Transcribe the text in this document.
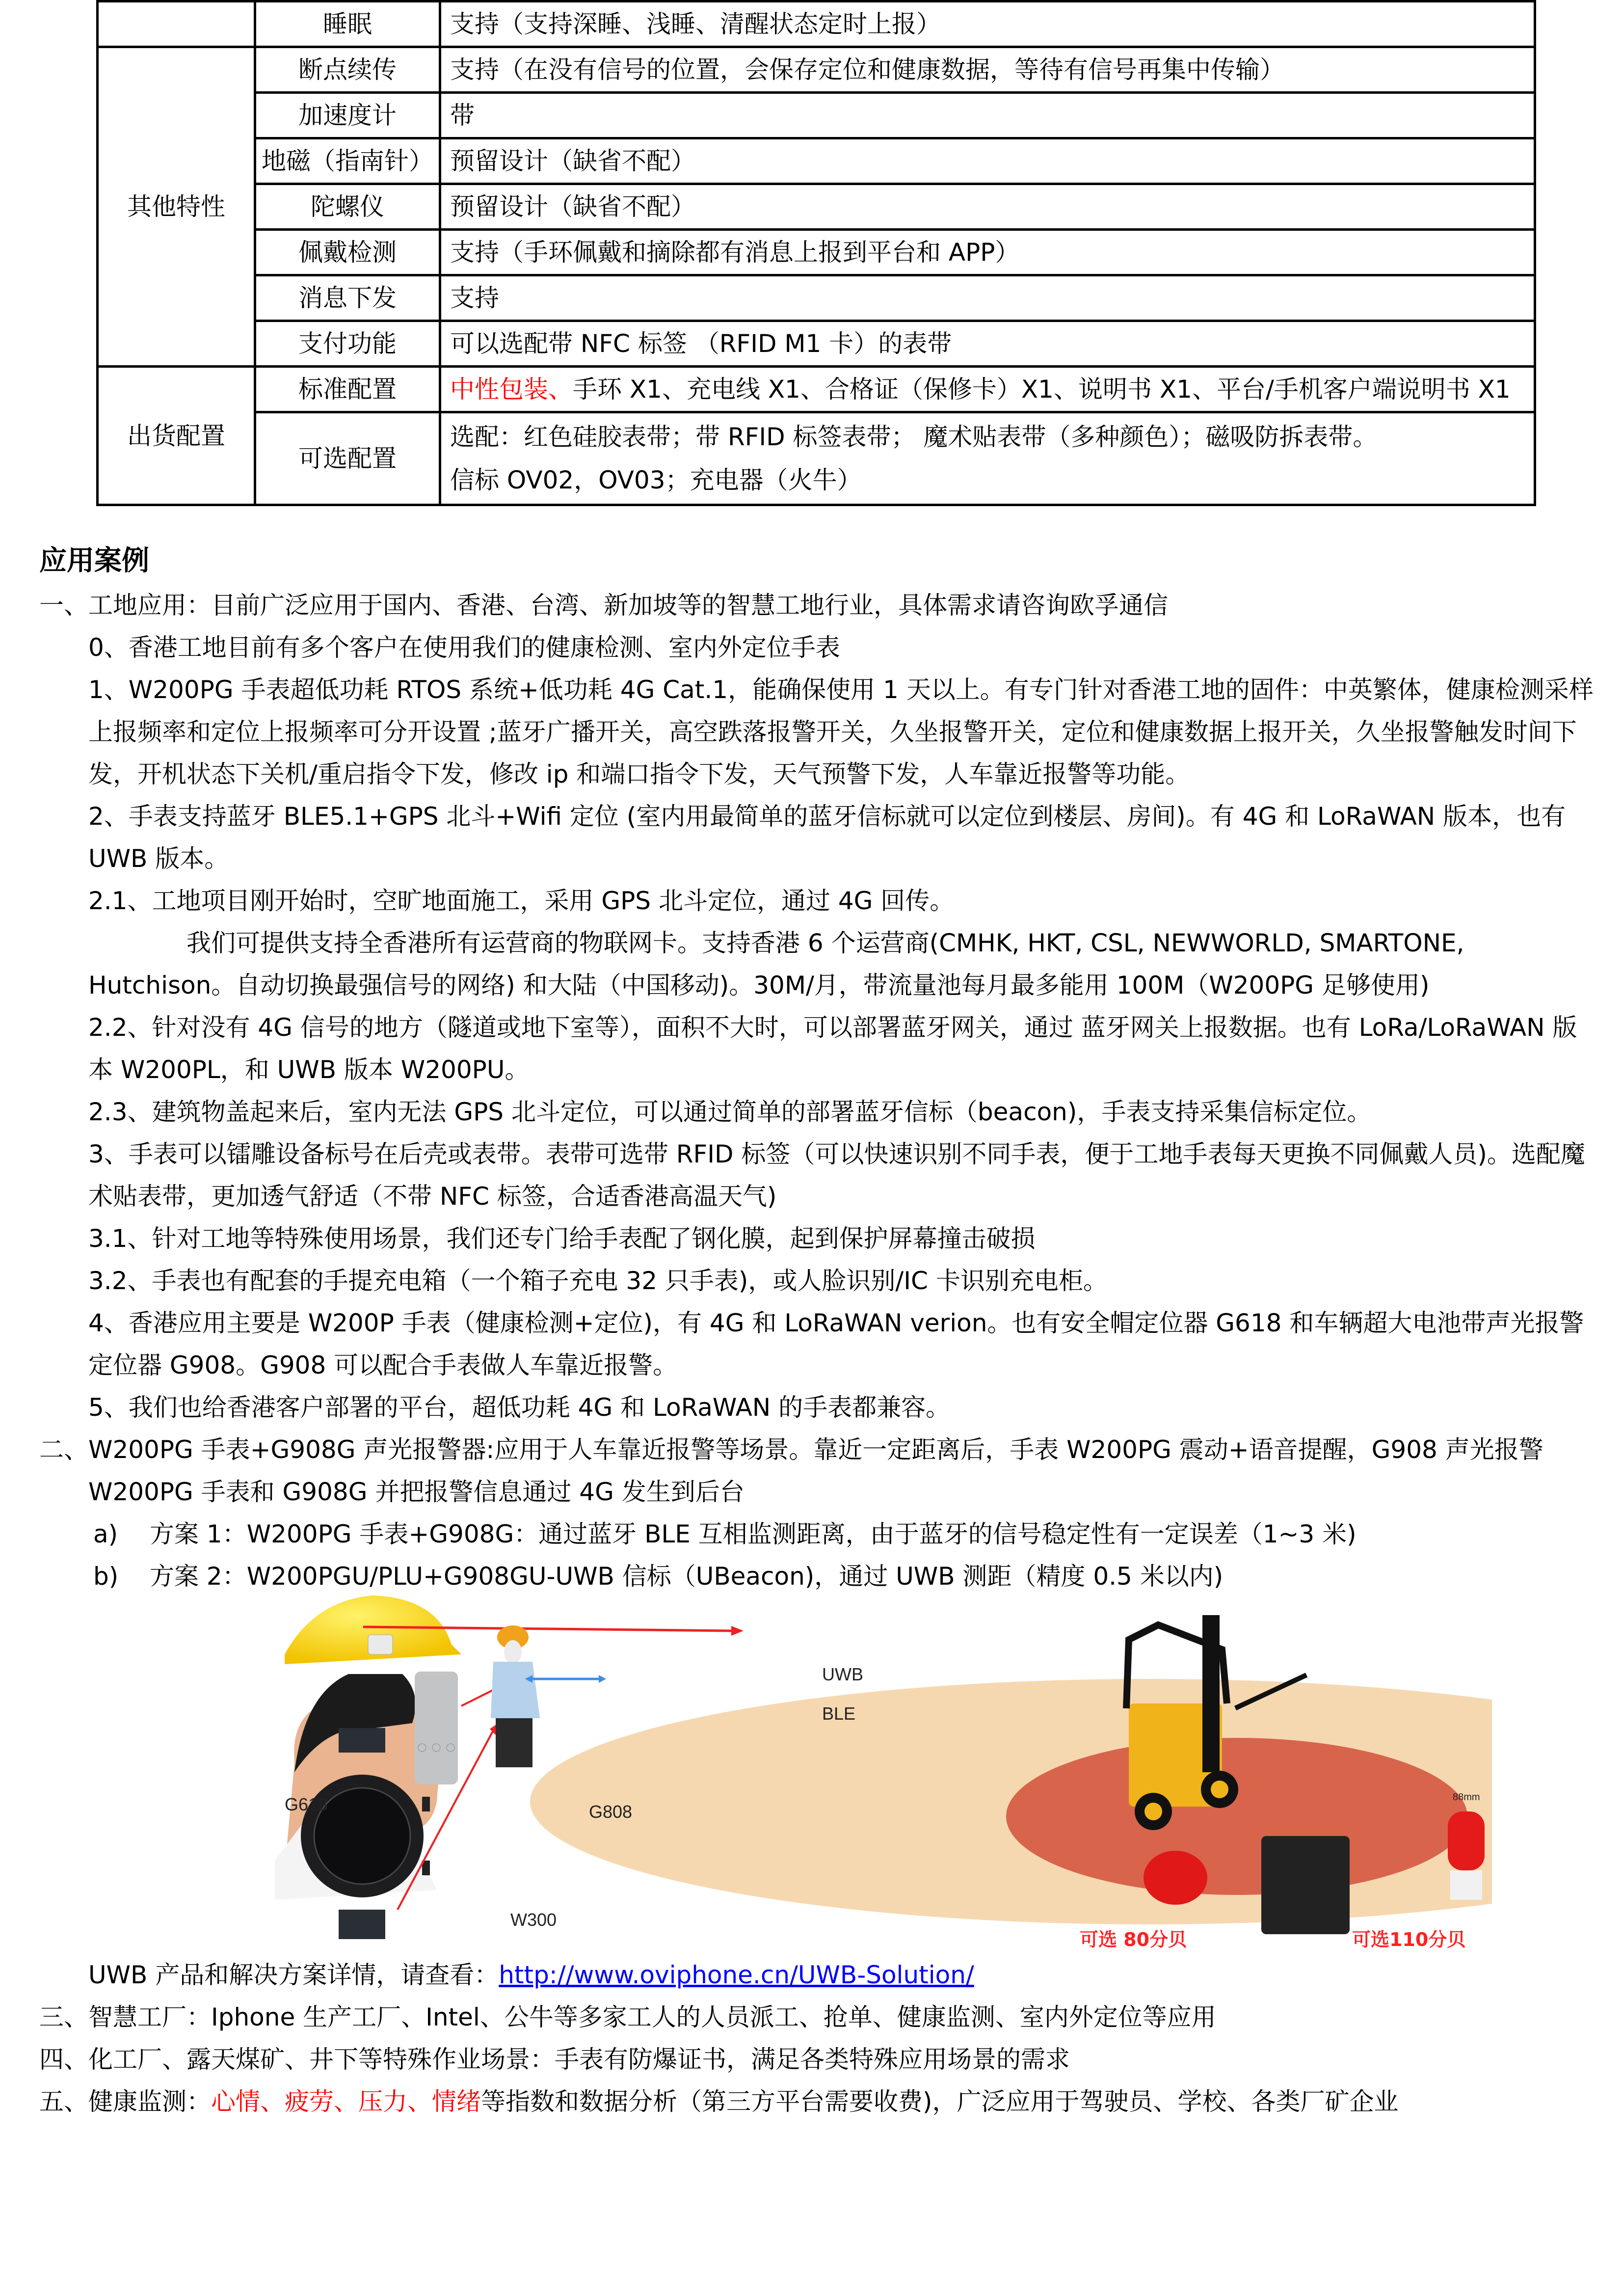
	睡眠	支持（支持深睡、浅睡、清醒状态定时上报）
其他特性	断点续传	支持（在没有信号的位置，会保存定位和健康数据，等待有信号再集中传输）
	加速度计	带
	地磁（指南针）	预留设计（缺省不配）
	陀螺仪	预留设计（缺省不配）
	佩戴检测	支持（手环佩戴和摘除都有消息上报到平台和 APP）
	消息下发	支持
	支付功能	可以选配带 NFC 标签 （RFID M1 卡）的表带
出货配置	标准配置	中性包装、手环 X1、充电线 X1、合格证（保修卡）X1、说明书 X1、平台/手机客户端说明书 X1
	可选配置	选配：红色硅胶表带；带 RFID 标签表带； 魔术贴表带（多种颜色）；磁吸防拆表带。
信标 OV02，OV03；充电器（火牛）
应用案例

一、工地应用：目前广泛应用于国内、香港、台湾、新加坡等的智慧工地行业，具体需求请咨询欧孚通信

0、香港工地目前有多个客户在使用我们的健康检测、室内外定位手表

1、W200PG 手表超低功耗 RTOS 系统+低功耗 4G Cat.1，能确保使用 1 天以上。有专门针对香港工地的固件：中英繁体，健康检测采样上报频率和定位上报频率可分开设置 ;蓝牙广播开关，高空跌落报警开关，久坐报警开关，定位和健康数据上报开关，久坐报警触发时间下发，开机状态下关机/重启指令下发，修改 ip 和端口指令下发，天气预警下发，人车靠近报警等功能。

2、手表支持蓝牙 BLE5.1+GPS 北斗+Wifi 定位 (室内用最简单的蓝牙信标就可以定位到楼层、房间)。有 4G 和 LoRaWAN 版本，也有 UWB 版本。

2.1、工地项目刚开始时，空旷地面施工，采用 GPS 北斗定位，通过 4G 回传。

我们可提供支持全香港所有运营商的物联网卡。支持香港 6 个运营商(CMHK, HKT, CSL, NEWWORLD, SMARTONE, Hutchison。自动切换最强信号的网络) 和大陆（中国移动)。30M/月，带流量池每月最多能用 100M（W200PG 足够使用)

2.2、针对没有 4G 信号的地方（隧道或地下室等），面积不大时，可以部署蓝牙网关，通过 蓝牙网关上报数据。也有 LoRa/LoRaWAN 版本 W200PL，和 UWB 版本 W200PU。

2.3、建筑物盖起来后，室内无法 GPS 北斗定位，可以通过简单的部署蓝牙信标（beacon)，手表支持采集信标定位。

3、手表可以镭雕设备标号在后壳或表带。表带可选带 RFID 标签（可以快速识别不同手表，便于工地手表每天更换不同佩戴人员)。选配魔术贴表带，更加透气舒适（不带 NFC 标签，合适香港高温天气)

3.1、针对工地等特殊使用场景，我们还专门给手表配了钢化膜，起到保护屏幕撞击破损

3.2、手表也有配套的手提充电箱（一个箱子充电 32 只手表)，或人脸识别/IC 卡识别充电柜。

4、香港应用主要是 W200P 手表（健康检测+定位)，有 4G 和 LoRaWAN verion。也有安全帽定位器 G618 和车辆超大电池带声光报警定位器 G908。G908 可以配合手表做人车靠近报警。

5、我们也给香港客户部署的平台，超低功耗 4G 和 LoRaWAN 的手表都兼容。

二、W200PG 手表+G908G 声光报警器:应用于人车靠近报警等场景。靠近一定距离后，手表 W200PG 震动+语音提醒，G908 声光报警 W200PG 手表和 G908G 并把报警信息通过 4G 发生到后台

a) 方案 1：W200PG 手表+G908G：通过蓝牙 BLE 互相监测距离，由于蓝牙的信号稳定性有一定误差（1~3 米)

b) 方案 2：W200PGU/PLU+G908GU-UWB 信标（UBeacon)，通过 UWB 测距（精度 0.5 米以内)

G618
W300
G808
UWB
BLE
88mm
可选 80分贝	可选110分贝

UWB 产品和解决方案详情，请查看：http://www.oviphone.cn/UWB-Solution/

三、智慧工厂：Iphone 生产工厂、Intel、公牛等多家工人的人员派工、抢单、健康监测、室内外定位等应用

四、化工厂、露天煤矿、井下等特殊作业场景：手表有防爆证书，满足各类特殊应用场景的需求

五、健康监测：心情、疲劳、压力、情绪等指数和数据分析（第三方平台需要收费)，广泛应用于驾驶员、学校、各类厂矿企业
